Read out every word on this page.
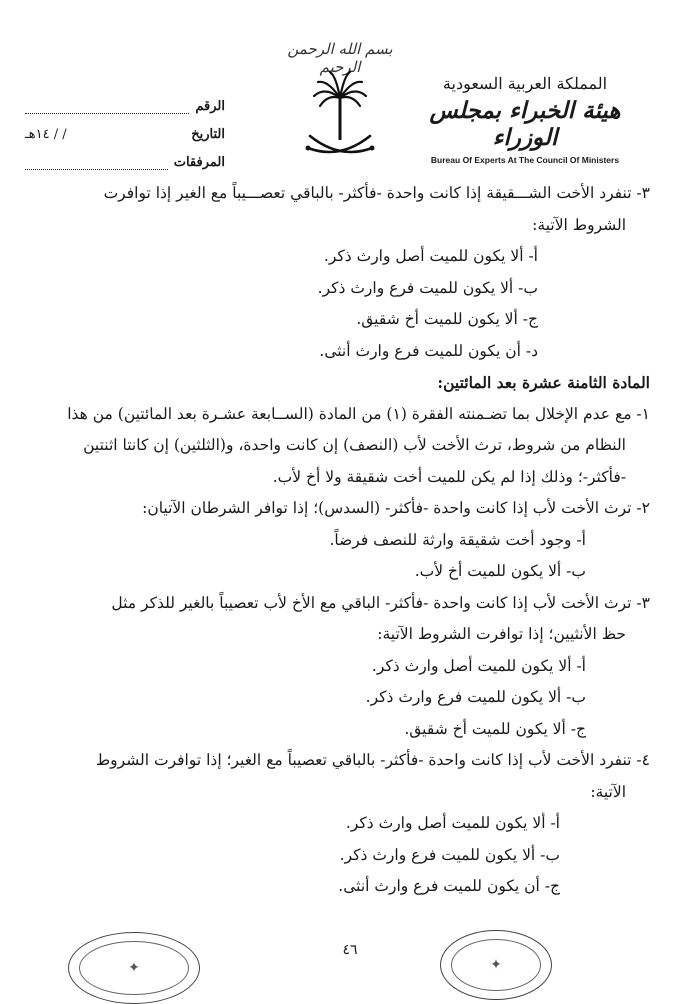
بسم الله الرحمن الرحيم
المملكة العربية السعودية
هيئة الخبراء بمجلس الوزراء
Bureau Of Experts At The Council Of Ministers
الرقم
التاريخ
/ / ١٤هـ
المرفقات

٣- تنفرد الأخت الشـــقيقة إذا كانت واحدة -فأكثر- بالباقي تعصـــيباً مع الغير إذا توافرت

الشروط الآتية:

أ- ألا يكون للميت أصل وارث ذكر.

ب- ألا يكون للميت فرع وارث ذكر.

ج- ألا يكون للميت أخ شقيق.

د- أن يكون للميت فرع وارث أنثى.

المادة الثامنة عشرة بعد المائتين:

١- مع عدم الإخلال بما تضـمنته الفقرة (١) من المادة (الســابعة عشـرة بعد المائتين) من هذا

النظام من شروط، ترث الأخت لأب (النصف) إن كانت واحدة، و(الثلثين) إن كانتا اثنتين

-فأكثر-؛ وذلك إذا لم يكن للميت أخت شقيقة ولا أخ لأب.

٢- ترث الأخت لأب إذا كانت واحدة -فأكثر- (السدس)؛ إذا توافر الشرطان الآتيان:

أ- وجود أخت شقيقة وارثة للنصف فرضاً.

ب- ألا يكون للميت أخ لأب.

٣- ترث الأخت لأب إذا كانت واحدة -فأكثر- الباقي مع الأخ لأب تعصيباً بالغير للذكر مثل

حظ الأنثيين؛ إذا توافرت الشروط الآتية:

أ- ألا يكون للميت أصل وارث ذكر.

ب- ألا يكون للميت فرع وارث ذكر.

ج- ألا يكون للميت أخ شقيق.

٤- تنفرد الأخت لأب إذا كانت واحدة -فأكثر- بالباقي تعصيباً مع الغير؛ إذا توافرت الشروط

الآتية:

أ- ألا يكون للميت أصل وارث ذكر.

ب- ألا يكون للميت فرع وارث ذكر.

ج- أن يكون للميت فرع وارث أنثى.

✦
٤٦
✦
